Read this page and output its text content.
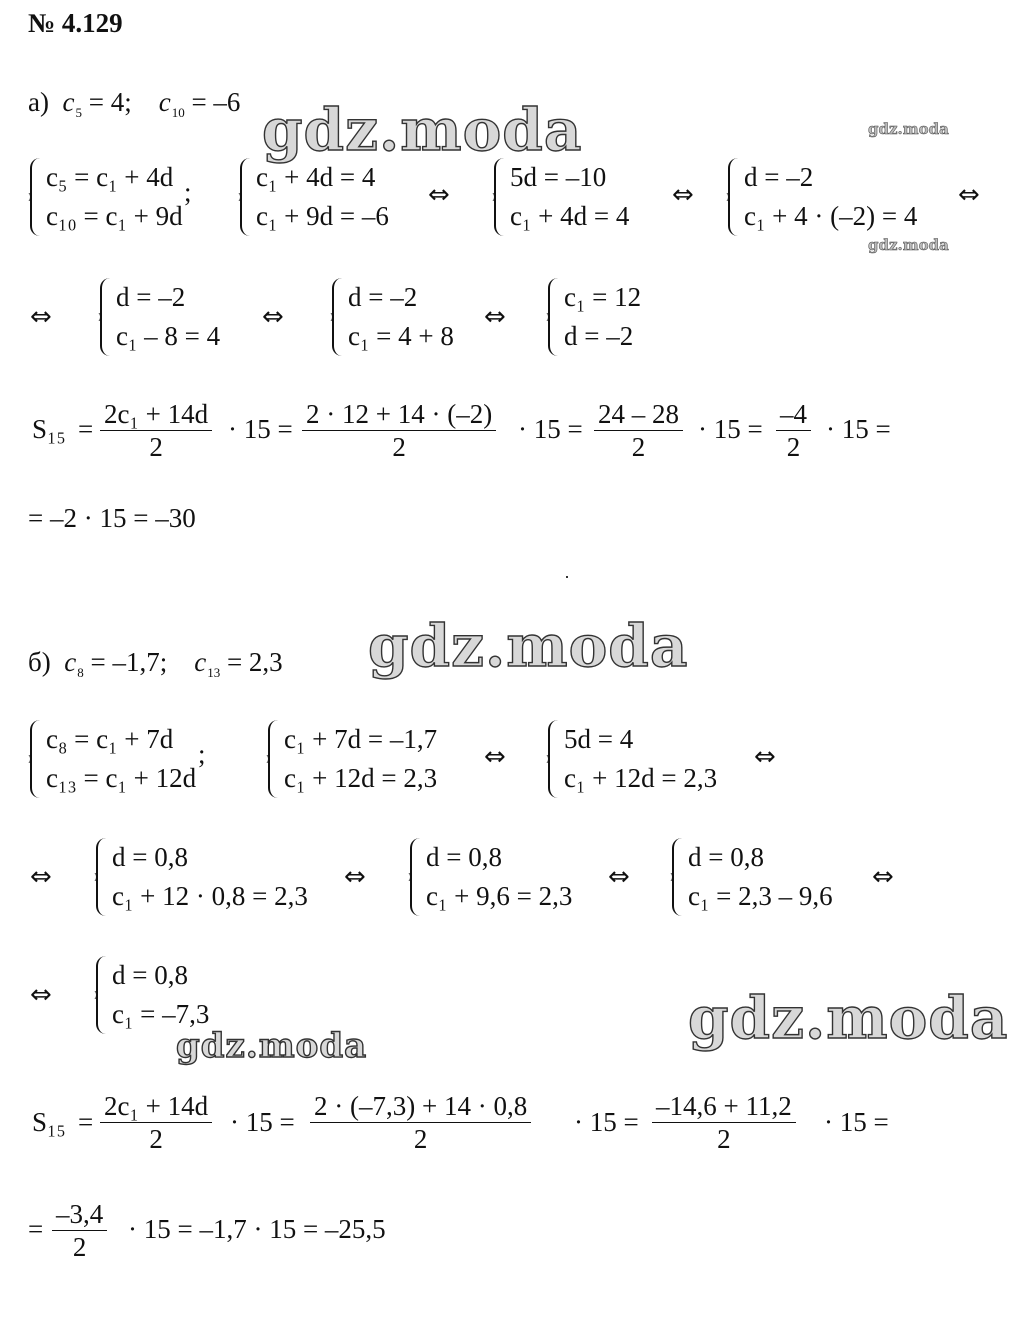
№ 4.129
gdz.moda	gdz.moda
gdz.moda
gdz.moda
gdz.moda
gdz.moda
а) $c_5 = 4$; $c_{10} = -6$
c₅ = c₁ + 4d
c₁₀ = c₁ + 9d
; c₁ + 4d = 4
c₁ + 9d = –6
⇔
5d = –10
c₁ + 4d = 4
⇔
d = –2
c₁ + 4 · (–2) = 4
⇔
⇔
d = –2
c₁ – 8 = 4
⇔
d = –2
c₁ = 4 + 8
⇔
c₁ = 12
d = –2
S₁₅ = 2c₁ + 14d
2
· 15 = 2 · 12 + 14 · (–2)
2
· 15 = 24 – 28
2
· 15 = –4
2
· 15 =
= –2 · 15 = –30
б) $c_8 = -1,7$; $c_{13} = 2,3$
c₈ = c₁ + 7d
c₁₃ = c₁ + 12d
;	c₁ + 7d = –1,7
c₁ + 12d = 2,3
⇔
5d = 4
c₁ + 12d = 2,3
⇔
⇔
d = 0,8
c₁ + 12 · 0,8 = 2,3
⇔
d = 0,8
c₁ + 9,6 = 2,3
⇔
d = 0,8
c₁ = 2,3 – 9,6
⇔
⇔
d = 0,8
c₁ = –7,3
S₁₅ =
2c₁ + 14d
2
· 15 =
2 · (–7,3) + 14 · 0,8
2
· 15 =
–14,6 + 11,2
2
· 15 =
= –3,4
2
· 15 = –1,7 · 15 = –25,5
